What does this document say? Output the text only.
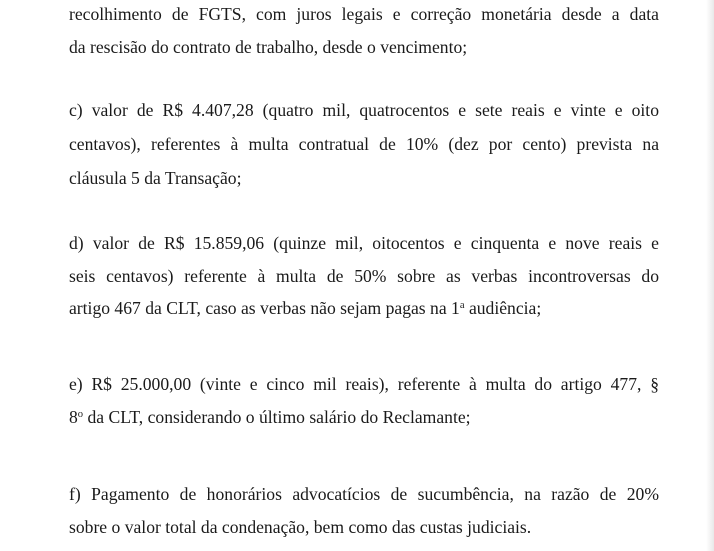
recolhimento de FGTS, com juros legais e correção monetária desde a data
da rescisão do contrato de trabalho, desde o vencimento;
c) valor de R$ 4.407,28 (quatro mil, quatrocentos e sete reais e vinte e oito
centavos), referentes à multa contratual de 10% (dez por cento) prevista na
cláusula 5 da Transação;
d) valor de R$ 15.859,06 (quinze mil, oitocentos e cinquenta e nove reais e
seis centavos) referente à multa de 50% sobre as verbas incontroversas do
artigo 467 da CLT, caso as verbas não sejam pagas na 1$^a$ audiência;
e) R$ 25.000,00 (vinte e cinco mil reais), referente à multa do artigo 477, §
8$^o$ da CLT, considerando o último salário do Reclamante;
f) Pagamento de honorários advocatícios de sucumbência, na razão de 20%
sobre o valor total da condenação, bem como das custas judiciais.
